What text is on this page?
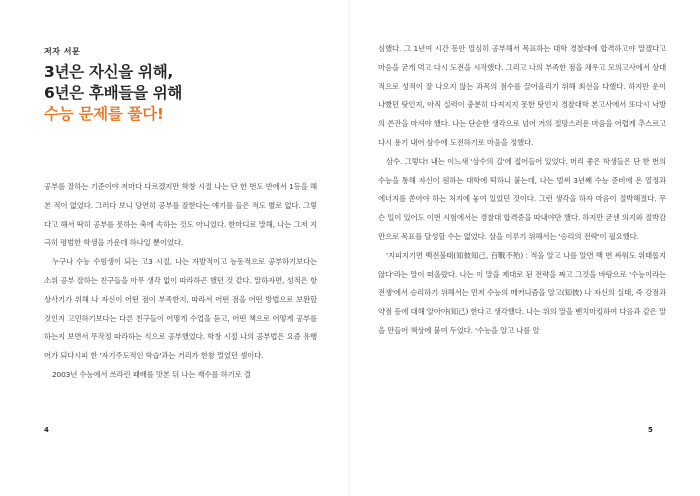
저자 서문
3년은 자신을 위해,
6년은 후배들을 위해
수능 문제를 풀다!

공부를 잘하는 기준이야 저마다 다르겠지만 학창 시절 나는 단 한 번도 반에서 1등을 해 본 적이 없었다. 그러다 보니 당연히 공부를 잘한다는 얘기를 들은 적도 별로 없다. 그렇다고 해서 딱히 공부를 못하는 축에 속하는 것도 아니었다. 한마디로 말해, 나는 그저 지극히 평범한 학생을 가운데 하나일 뿐이었다.

누구나 수능 수험생이 되는 고3 시절, 나는 자발적이고 능동적으로 공부하기보다는 소위 공부 잘하는 친구들을 아무 생각 없이 따라하곤 했던 것 같다. 말하자면, 성적은 항상사기가 위해 나 자신이 어떤 점이 부족한지, 따라서 어떤 점을 어떤 방법으로 보완할 것인지 고민하기보다는 다른 친구들이 어떻게 수업을 듣고, 어떤 책으로 어떻게 공부를 하는지 보면서 무작정 따라하는 식으로 공부했었다. 학창 시절 나의 공부법은 요즘 유행어가 되다시피 한 '자기주도적인 학습'과는 거리가 한참 멀었던 셈이다.

2003년 수능에서 쓰라린 패배를 맛본 뒤 나는 재수를 하기로 결

4

심했다. 그 1년여 시간 동안 열심히 공부해서 목표하는 대학 경찰대에 합격하고야 말겠다고 마음을 굳게 먹고 다시 도전을 시작했다. 그리고 나의 부족한 점을 채우고 모의고사에서 상대적으로 성적이 잘 나오지 않는 과목의 점수를 끌어올리기 위해 최선을 다했다. 하지만 운이 나빴던 탓인지, 아직 실력이 충분히 다져지지 못한 탓인지 경찰대학 본고사에서 또다시 낙방의 쓴잔을 마셔야 했다. 나는 단순한 생각으로 넘어 거의 절망스러운 마음을 어렵게 추스르고 다시 용기 내어 삼수에 도전하기로 마음을 정했다.

삼수. 그렇다! 내는 이느새 '삼수의 길'에 접어들어 있었다. 머리 좋은 학생들은 단 한 번의 수능을 통해 자신이 원하는 대학에 떡하니 붙는데, 나는 벌써 3년째 수능 준비에 온 열정과 에너지를 쏟아야 하는 처지에 놓여 있었던 것이다. 그런 생각을 하자 마음이 절박해졌다. 무슨 일이 있어도 이번 시험에서는 경찰대 합격증을 따내야만 했다. 하지만 굳센 의지와 절박감만으로 목표를 달성할 수는 없었다. 삼을 이루기 위해서는 '승리의 전략'이 필요했다.

'지피지기면 백전불태(知彼知己, 百戰不殆) : 적을 알고 나를 알면 백 번 싸워도 위태롭지 않다'라는 말이 떠올랐다. 나는 이 말을 제대로 된 전략을 짜고 그것을 바탕으로 '수능이라는 전쟁'에서 승리하기 위해서는 먼저 수능의 메커니즘을 알고(知彼) 나 자신의 실태, 즉 강점과 약점 등에 대해 알아야(知己) 한다고 생각했다. 나는 위의 말을 벤치마킹하여 다음과 같은 말을 만들어 책상에 붙여 두었다. '수능을 알고 나를 알

5
